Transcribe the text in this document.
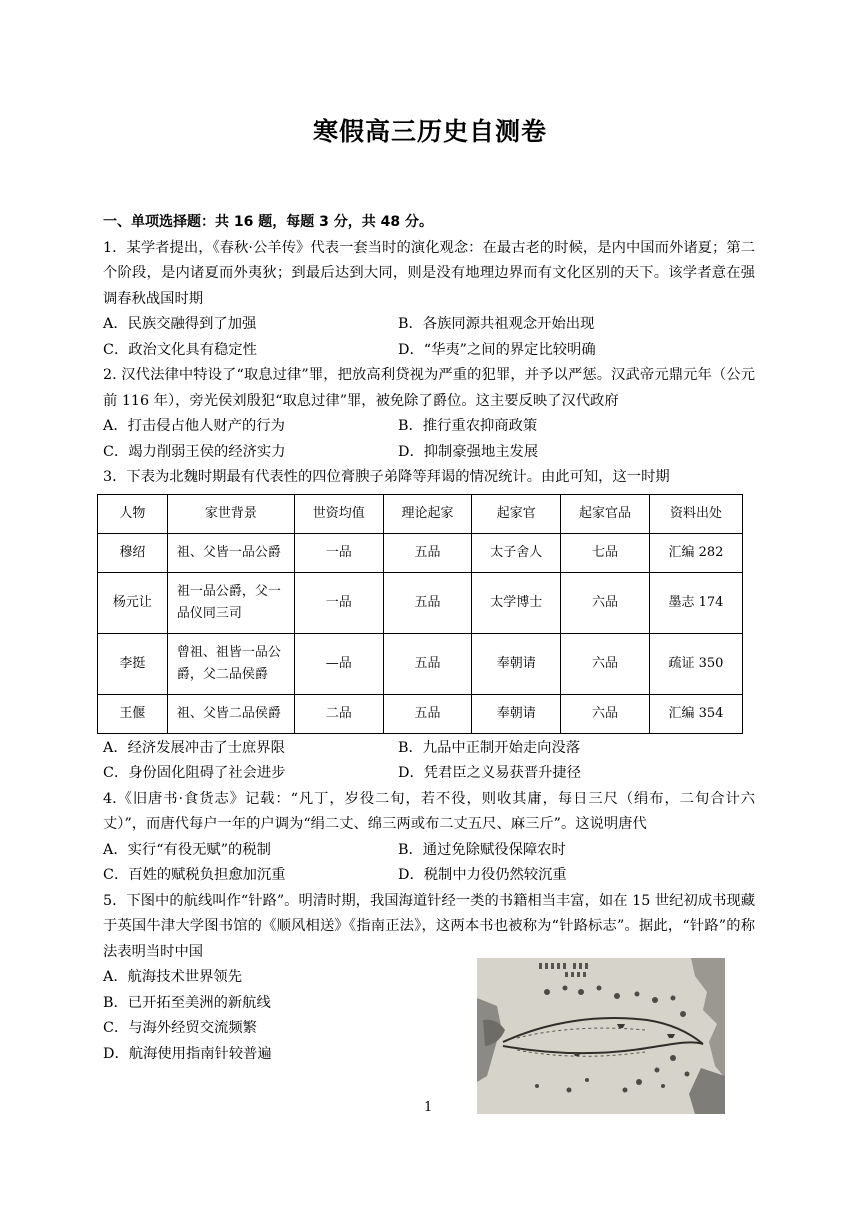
寒假高三历史自测卷
一、单项选择题：共 16 题，每题 3 分，共 48 分。
1．某学者提出，《春秋·公羊传》代表一套当时的演化观念：在最古老的时候，是内中国而外诸夏；第二个阶段，是内诸夏而外夷狄；到最后达到大同，则是没有地理边界而有文化区别的天下。该学者意在强调春秋战国时期
A．民族交融得到了加强	B．各族同源共祖观念开始出现
C．政治文化具有稳定性	D．“华夷”之间的界定比较明确
2. 汉代法律中特设了“取息过律”罪，把放高利贷视为严重的犯罪，并予以严惩。汉武帝元鼎元年（公元前 116 年），旁光侯刘殷犯“取息过律”罪，被免除了爵位。这主要反映了汉代政府
A．打击侵占他人财产的行为	B．推行重农抑商政策
C．竭力削弱王侯的经济实力	D．抑制豪强地主发展
3．下表为北魏时期最有代表性的四位膏腴子弟降等拜谒的情况统计。由此可知，这一时期
人物	家世背景	世资均值	理论起家	起家官	起家官品	资料出处
穆绍	祖、父皆一品公爵	一品	五品	太子舍人	七品	汇编 282
杨元让	祖一品公爵，父一品仪同三司	一品	五品	太学博士	六品	墨志 174
李挺	曾祖、祖皆一品公爵，父二品侯爵	—品	五品	奉朝请	六品	疏证 350
王偃	祖、父皆二品侯爵	二品	五品	奉朝请	六品	汇编 354
A．经济发展冲击了士庶界限	B．九品中正制开始走向没落
C．身份固化阻碍了社会进步	D．凭君臣之义易获晋升捷径
4.《旧唐书·食货志》记载：“凡丁，岁役二旬，若不役，则收其庸，每日三尺（绢布，二旬合计六丈）”，而唐代每户一年的户调为“绢二丈、绵三两或布二丈五尺、麻三斤”。这说明唐代
A．实行“有役无赋”的税制	B．通过免除赋役保障农时
C．百姓的赋税负担愈加沉重	D．税制中力役仍然较沉重
5．下图中的航线叫作“针路”。明清时期，我国海道针经一类的书籍相当丰富，如在 15 世纪初成书现藏于英国牛津大学图书馆的《顺风相送》《指南正法》，这两本书也被称为“针路标志”。据此，“针路”的称法表明当时中国
A．航海技术世界领先
B．已开拓至美洲的新航线
C．与海外经贸交流频繁
D．航海使用指南针较普遍
1
